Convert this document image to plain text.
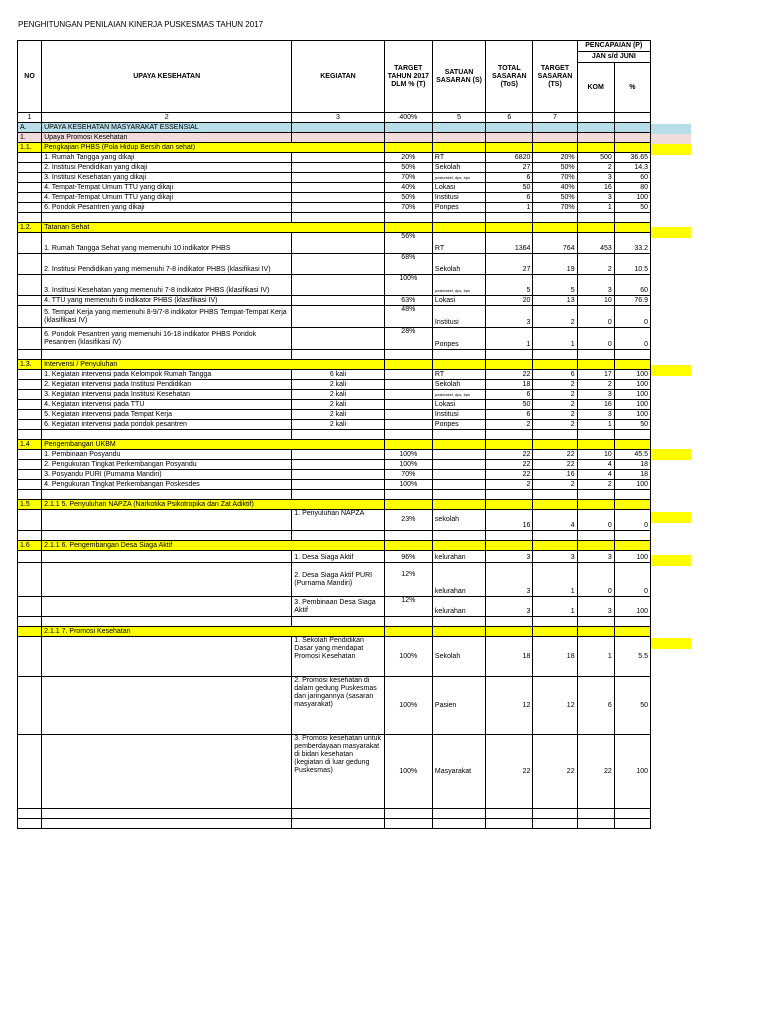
PENGHITUNGAN PENILAIAN KINERJA PUSKESMAS TAHUN 2017
NO	UPAYA KESEHATAN	KEGIATAN	TARGET TAHUN 2017 DLM % (T)	SATUAN SASARAN (S)	TOTAL SASARAN (ToS)	TARGET SASARAN (TS)	PENCAPAIAN (P)	
							JAN s/d JUNI	
							KOM	%
1	2	3	400%	5	6	7		
A.	UPAYA KESEHATAN MASYARAKAT ESSENSIAL							
1.	Upaya Promosi Kesehatan							
1.1.	Pengkajian PHBS (Pola Hidup Bersih dan sehat)							
	1. Rumah Tangga yang dikaji		20%	RT	6820	20%	500	36.65
	2. Institusi Pendidikan yang dikaji		50%	Sekolah	27	50%	2	14.3
	3. Institusi Kesehatan yang dikaji		70%	poskeskel, dps, bps	6	70%	3	60
	4. Tempat-Tempat Umum TTU yang dikaji		40%	Lokasi	50	40%	16	80
	4. Tempat-Tempat Umum TTU yang dikaji		50%	Institusi	6	50%	3	100
	6. Pondok Pesantren yang dikaji		70%	Ponpes	1	70%	1	50

1.2.	Tatanan Sehat							
	1. Rumah Tangga Sehat yang memenuhi 10 indikator PHBS		56%	RT	1364	764	453	33.2
	2. Institusi Pendidikan yang memenuhi 7-8 indikator PHBS (klasifikasi IV)		68%	Sekolah	27	19	2	10.5
	3. Institusi Kesehatan yang memenuhi 7-8 indikator PHBS (klasifikasi IV)		100%	poskeskel, dps, bps	5	5	3	60
	4. TTU yang memenuhi 6 indikator PHBS (klasifikasi IV)		63%	Lokasi	20	13	10	76.9
	5. Tempat Kerja yang memenuhi 8-9/7-8 indikator PHBS Tempat-Tempat Kerja (klasifikasi IV)		48%	Institusi	3	2	0	0
	6. Pondok Pesantren yang memenuhi 16-18 indikator PHBS Pondok Pesantren (klasifikasi IV)		28%	Ponpes	1	1	0	0

1.3.	Intervensi / Penyuluhan							
	1. Kegiatan intervensi pada Kelompok Rumah Tangga	6 kali		RT	22	6	17	100
	2. Kegiatan intervensi pada Institusi Pendidikan	2 kali		Sekolah	18	2	2	100
	3. Kegiatan intervensi pada Institusi Kesehatan	2 kali		poskeskel, dps, bps	6	2	3	100
	4. Kegiatan intervensi pada TTU	2 kali		Lokasi	50	2	16	100
	5. Kegiatan intervensi pada Tempat Kerja	2 kali		Institusi	6	2	3	100
	6. Kegiatan intervensi pada pondok pesantren	2 kali		Ponpes	2	2	1	50

1.4	Pengembangan UKBM							
	1. Pembinaan Posyandu		100%		22	22	10	45.5
	2. Pengukuran Tingkat Perkembangan Posyandu		100%		22	22	4	18
	3. Posyandu PURI (Purnama Mandiri)		70%		22	16	4	18
	4. Pengukuran Tingkat Perkembangan Poskesdes		100%		2	2	2	100

1.5	2.1.1 5. Penyuluhan NAPZA (Narkotika Psikotropika dan Zat Adiktif)							
		1. Penyuluhan NAPZA	23%	sekolah	16	4	0	0

1.6	2.1.1 6. Pengembangan Desa Siaga Aktif							
		1. Desa Siaga Aktif	96%	kelurahan	3	3	3	100
		2. Desa Siaga Aktif PURI (Purnama Mandiri)	12%	kelurahan	3	1	0	0
		3. Pembinaan Desa Siaga Aktif	12%	kelurahan	3	1	3	100

	2.1.1 7. Promosi Kesehatan							
		1. Sekolah Pendidikan Dasar yang mendapat Promosi Kesehatan	100%	Sekolah	18	18	1	5.5
		2. Promosi kesehatan di dalam gedung Puskesmas dan jaringannya (sasaran masyarakat)	100%	Pasien	12	12	6	50
		3. Promosi kesehatan untuk pemberdayaan masyarakat di bidan kesehatan (kegiatan di luar gedung Puskesmas)	100%	Masyarakat	22	22	22	100
